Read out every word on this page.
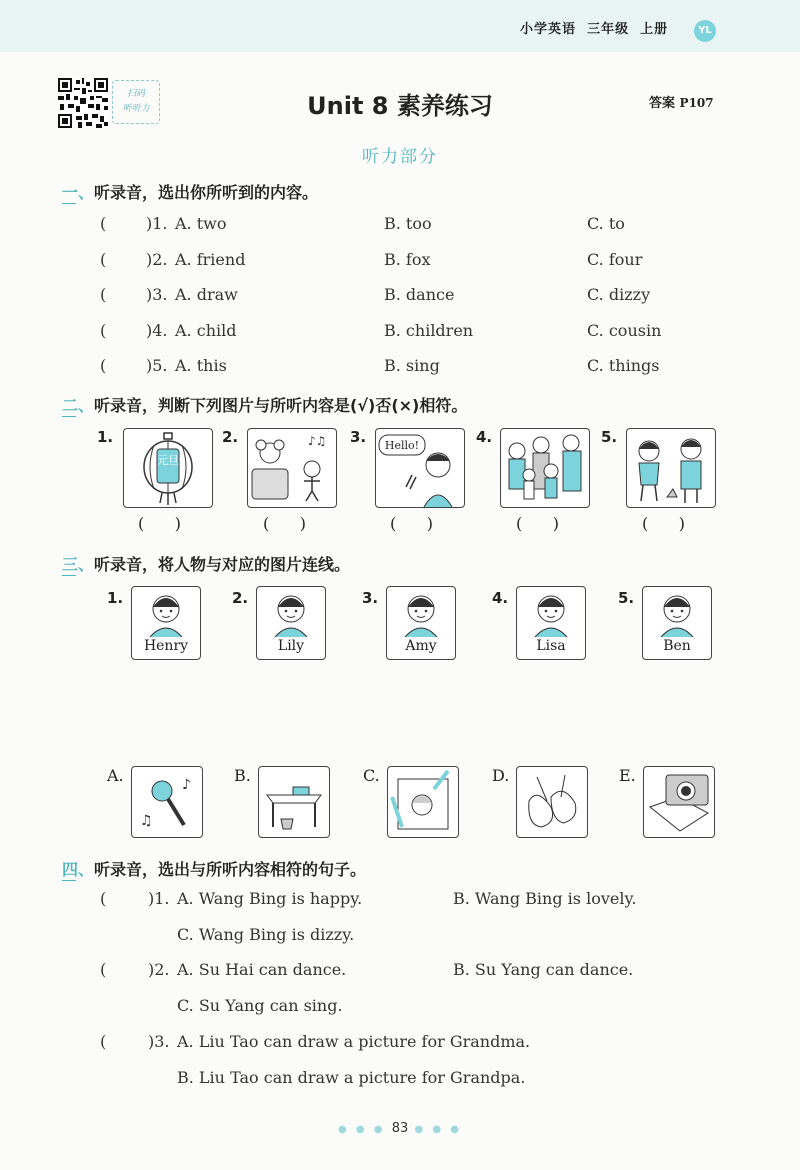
小学英语 三年级 上册	YL
扫码
听听力	Unit 8 素养练习	答案 P107
听力部分
一、听录音，选出你所听到的内容。
( )1. A. two	B. too	C. to
( )2. A. friend	B. fox	C. four
( )3. A. draw	B. dance	C. dizzy
( )4. A. child	B. children	C. cousin
( )5. A. this	B. sing	C. things
二、听录音，判断下列图片与所听内容是(√)否(×)相符。
1.
元旦
2.	♪♫ 3. Hello!	4.	5.
(      )	(      )	(      )	(      )	(      )
三、听录音，将人物与对应的图片连线。
1.
Henry
2.
Lily
3.
Amy
4.
Lisa
5.
Ben
A.	♪
♫
B.	C.	D.	E.
四、听录音，选出与所听内容相符的句子。
( )1. A. Wang Bing is happy.	B. Wang Bing is lovely.
C. Wang Bing is dizzy.
( )2. A. Su Hai can dance.	B. Su Yang can dance.
C. Su Yang can sing.
( )3. A. Liu Tao can draw a picture for Grandma.
B. Liu Tao can draw a picture for Grandpa.
● ● ● 83 ● ● ●
